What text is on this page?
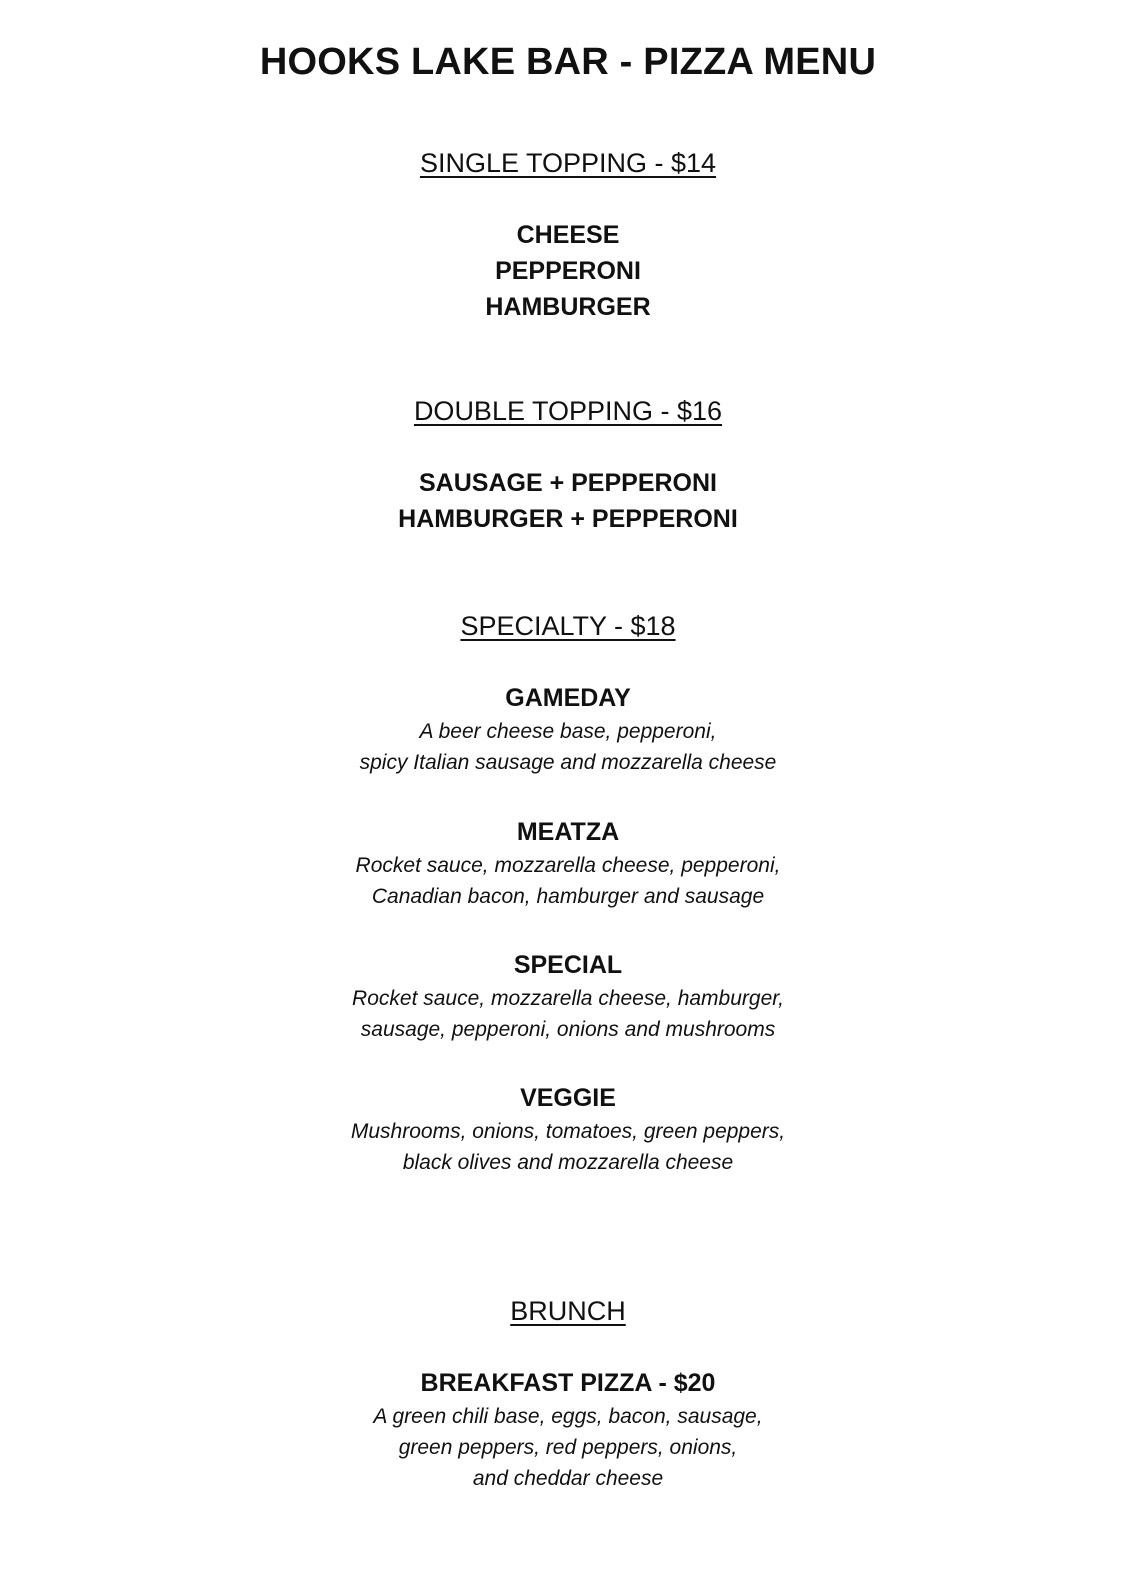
HOOKS LAKE BAR - PIZZA MENU
SINGLE TOPPING - $14
CHEESE
PEPPERONI
HAMBURGER
DOUBLE TOPPING - $16
SAUSAGE + PEPPERONI
HAMBURGER + PEPPERONI
SPECIALTY - $18
GAMEDAY
A beer cheese base, pepperoni,
spicy Italian sausage and mozzarella cheese
MEATZA
Rocket sauce, mozzarella cheese, pepperoni,
Canadian bacon, hamburger and sausage
SPECIAL
Rocket sauce, mozzarella cheese, hamburger,
sausage, pepperoni, onions and mushrooms
VEGGIE
Mushrooms, onions, tomatoes, green peppers,
black olives and mozzarella cheese
BRUNCH
BREAKFAST PIZZA - $20
A green chili base, eggs, bacon, sausage,
green peppers, red peppers, onions,
and cheddar cheese
